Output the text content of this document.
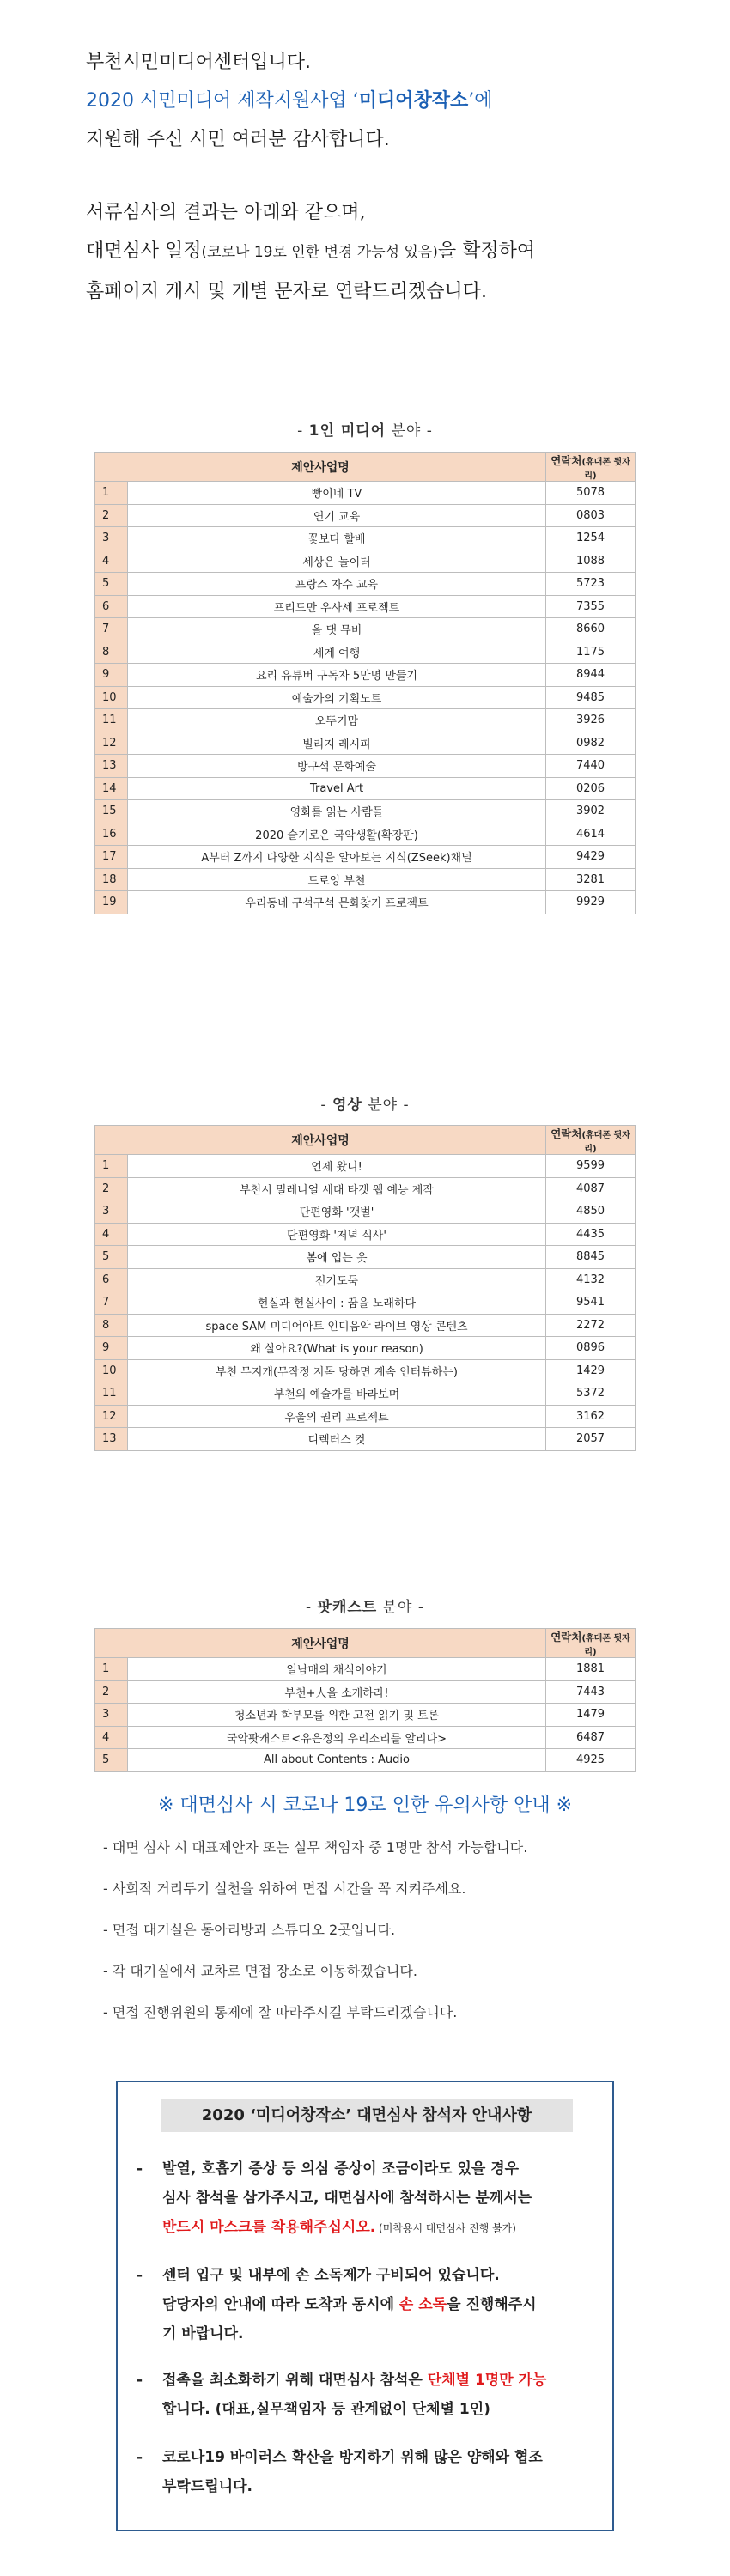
부천시민미디어센터입니다.

2020 시민미디어 제작지원사업 ‘미디어창작소’에

지원해 주신 시민 여러분 감사합니다.

서류심사의 결과는 아래와 같으며,

대면심사 일정(코로나 19로 인한 변경 가능성 있음)을 확정하여

홈페이지 게시 및 개별 문자로 연락드리겠습니다.

- 1인 미디어 분야 -
제안사업명		연락처(휴대폰 뒷자리)
1	빵이네 TV	5078
2	연기 교육	0803
3	꽃보다 할배	1254
4	세상은 놀이터	1088
5	프랑스 자수 교육	5723
6	프리드만 우사세 프로젝트	7355
7	올 댓 뮤비	8660
8	세계 여행	1175
9	요리 유튜버 구독자 5만명 만들기	8944
10	예술가의 기획노트	9485
11	오뚜기맘	3926
12	빌리지 레시피	0982
13	방구석 문화예술	7440
14	Travel Art	0206
15	영화를 읽는 사람들	3902
16	2020 슬기로운 국악생활(확장판)	4614
17	A부터 Z까지 다양한 지식을 알아보는 지식(ZSeek)채널	9429
18	드로잉 부천	3281
19	우리동네 구석구석 문화찾기 프로젝트	9929
- 영상 분야 -
제안사업명		연락처(휴대폰 뒷자리)
1	언제 왔니!	9599
2	부천시 밀레니얼 세대 타겟 웹 예능 제작	4087
3	단편영화 '갯벌'	4850
4	단편영화 '저녁 식사'	4435
5	봄에 입는 옷	8845
6	전기도둑	4132
7	현실과 현실사이 : 꿈을 노래하다	9541
8	space SAM 미디어아트 인디음악 라이브 영상 콘텐츠	2272
9	왜 살아요?(What is your reason)	0896
10	부천 무지개(무작정 지목 당하면 계속 인터뷰하는)	1429
11	부천의 예술가를 바라보며	5372
12	우울의 권리 프로젝트	3162
13	디렉터스 컷	2057
- 팟캐스트 분야 -
제안사업명		연락처(휴대폰 뒷자리)
1	일남매의 채식이야기	1881
2	부천+人을 소개하라!	7443
3	청소년과 학부모를 위한 고전 읽기 및 토론	1479
4	국악팟캐스트<유은정의 우리소리를 알리다>	6487
5	All about Contents : Audio	4925
※ 대면심사 시 코로나 19로 인한 유의사항 안내 ※
- 대면 심사 시 대표제안자 또는 실무 책임자 중 1명만 참석 가능합니다.
- 사회적 거리두기 실천을 위하여 면접 시간을 꼭 지켜주세요.
- 면접 대기실은 동아리방과 스튜디오 2곳입니다.
- 각 대기실에서 교차로 면접 장소로 이동하겠습니다.
- 면접 진행위원의 통제에 잘 따라주시길 부탁드리겠습니다.
2020 ‘미디어창작소’ 대면심사 참석자 안내사항
- 발열, 호흡기 증상 등 의심 증상이 조금이라도 있을 경우
심사 참석을 삼가주시고, 대면심사에 참석하시는 분께서는
반드시 마스크를 착용해주십시오. (미착용시 대면심사 진행 불가)
- 센터 입구 및 내부에 손 소독제가 구비되어 있습니다.
담당자의 안내에 따라 도착과 동시에 손 소독을 진행해주시
기 바랍니다.
- 접촉을 최소화하기 위해 대면심사 참석은 단체별 1명만 가능
합니다. (대표,실무책임자 등 관계없이 단체별 1인)
- 코로나19 바이러스 확산을 방지하기 위해 많은 양해와 협조
부탁드립니다.
